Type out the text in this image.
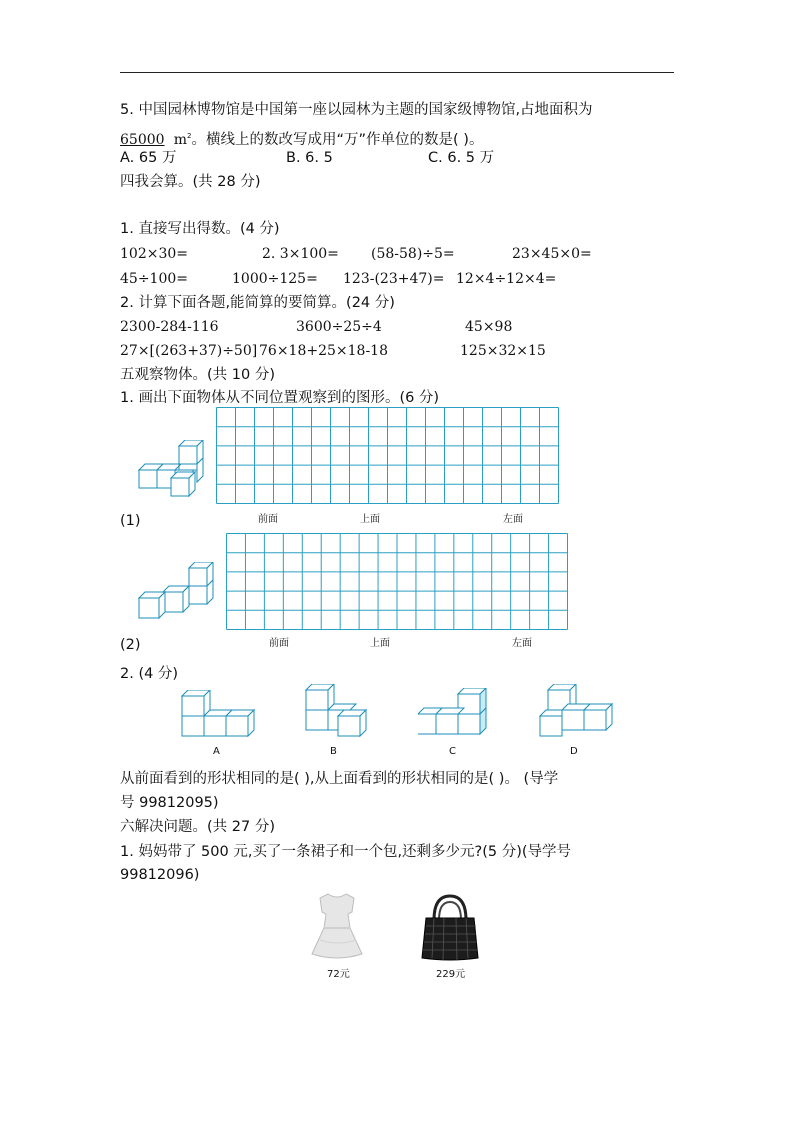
5. 中国园林博物馆是中国第一座以园林为主题的国家级博物馆,占地面积为
65000 $m^2$。横线上的数改写成用“万”作单位的数是( )。
A. 65 万	B. 6. 5	C. 6. 5 万
四我会算。(共 28 分)
1. 直接写出得数。(4 分)
102×30=	2. 3×100= (58-58)÷5=	23×45×0=
45÷100=	1000÷125= 123-(23+47)= 12×4÷12×4=
2. 计算下面各题,能简算的要简算。(24 分)
2300-284-116	3600÷25÷4	45×98
27×[(263+37)÷50] 76×18+25×18-18	125×32×15
五观察物体。(共 10 分)
1. 画出下面物体从不同位置观察到的图形。(6 分)
前面	上面	左面
(1)
前面	上面	左面
(2)
2. (4 分)
A	B	C	D
从前面看到的形状相同的是( ),从上面看到的形状相同的是( )。 (导学
号 99812095)
六解决问题。(共 27 分)
1. 妈妈带了 500 元,买了一条裙子和一个包,还剩多少元?(5 分)(导学号
99812096)
72元	229元
